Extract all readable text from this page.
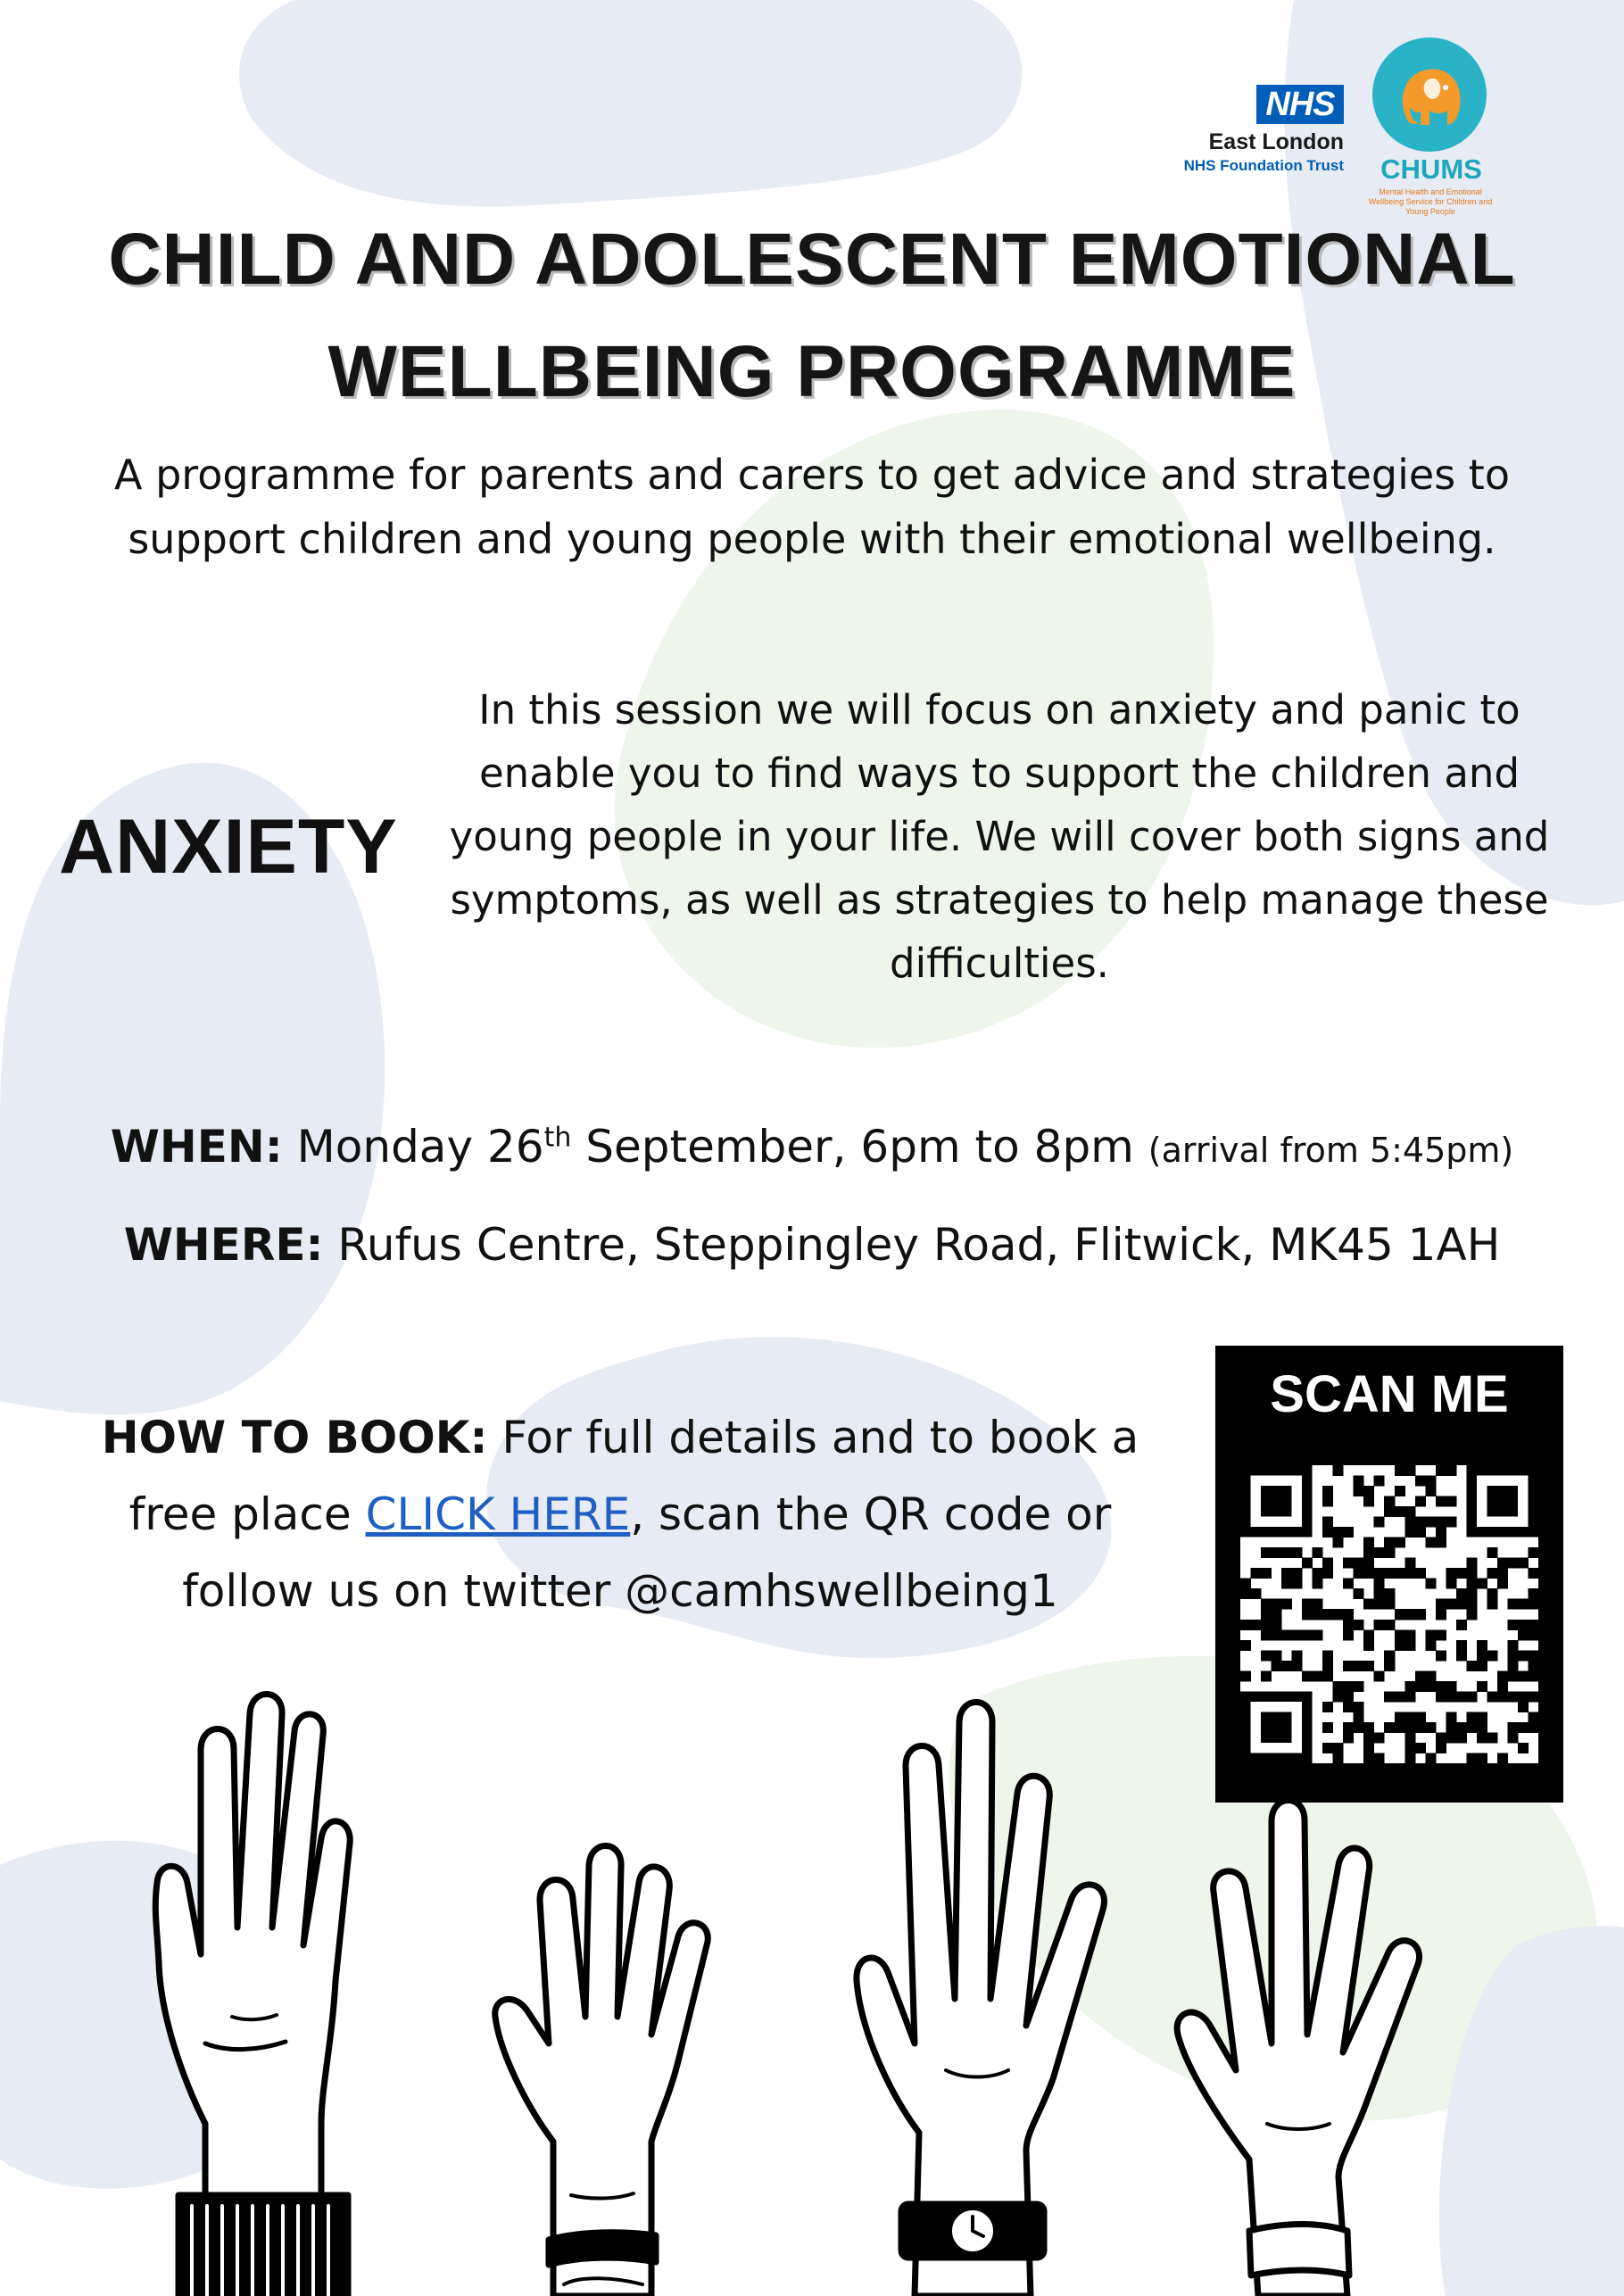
NHS
East London
NHS Foundation Trust	CHUMS
Mental Health and Emotional Wellbeing Service for Children and Young People
CHILD AND ADOLESCENT EMOTIONAL
WELLBEING PROGRAMME
A programme for parents and carers to get advice and strategies to support children and young people with their emotional wellbeing.
ANXIETY
In this session we will focus on anxiety and panic to enable you to find ways to support the children and young people in your life. We will cover both signs and symptoms, as well as strategies to help manage these difficulties.
WHEN: Monday 26th September, 6pm to 8pm (arrival from 5:45pm)
WHERE: Rufus Centre, Steppingley Road, Flitwick, MK45 1AH
HOW TO BOOK: For full details and to book a free place CLICK HERE, scan the QR code or follow us on twitter @camhswellbeing1
SCAN ME
